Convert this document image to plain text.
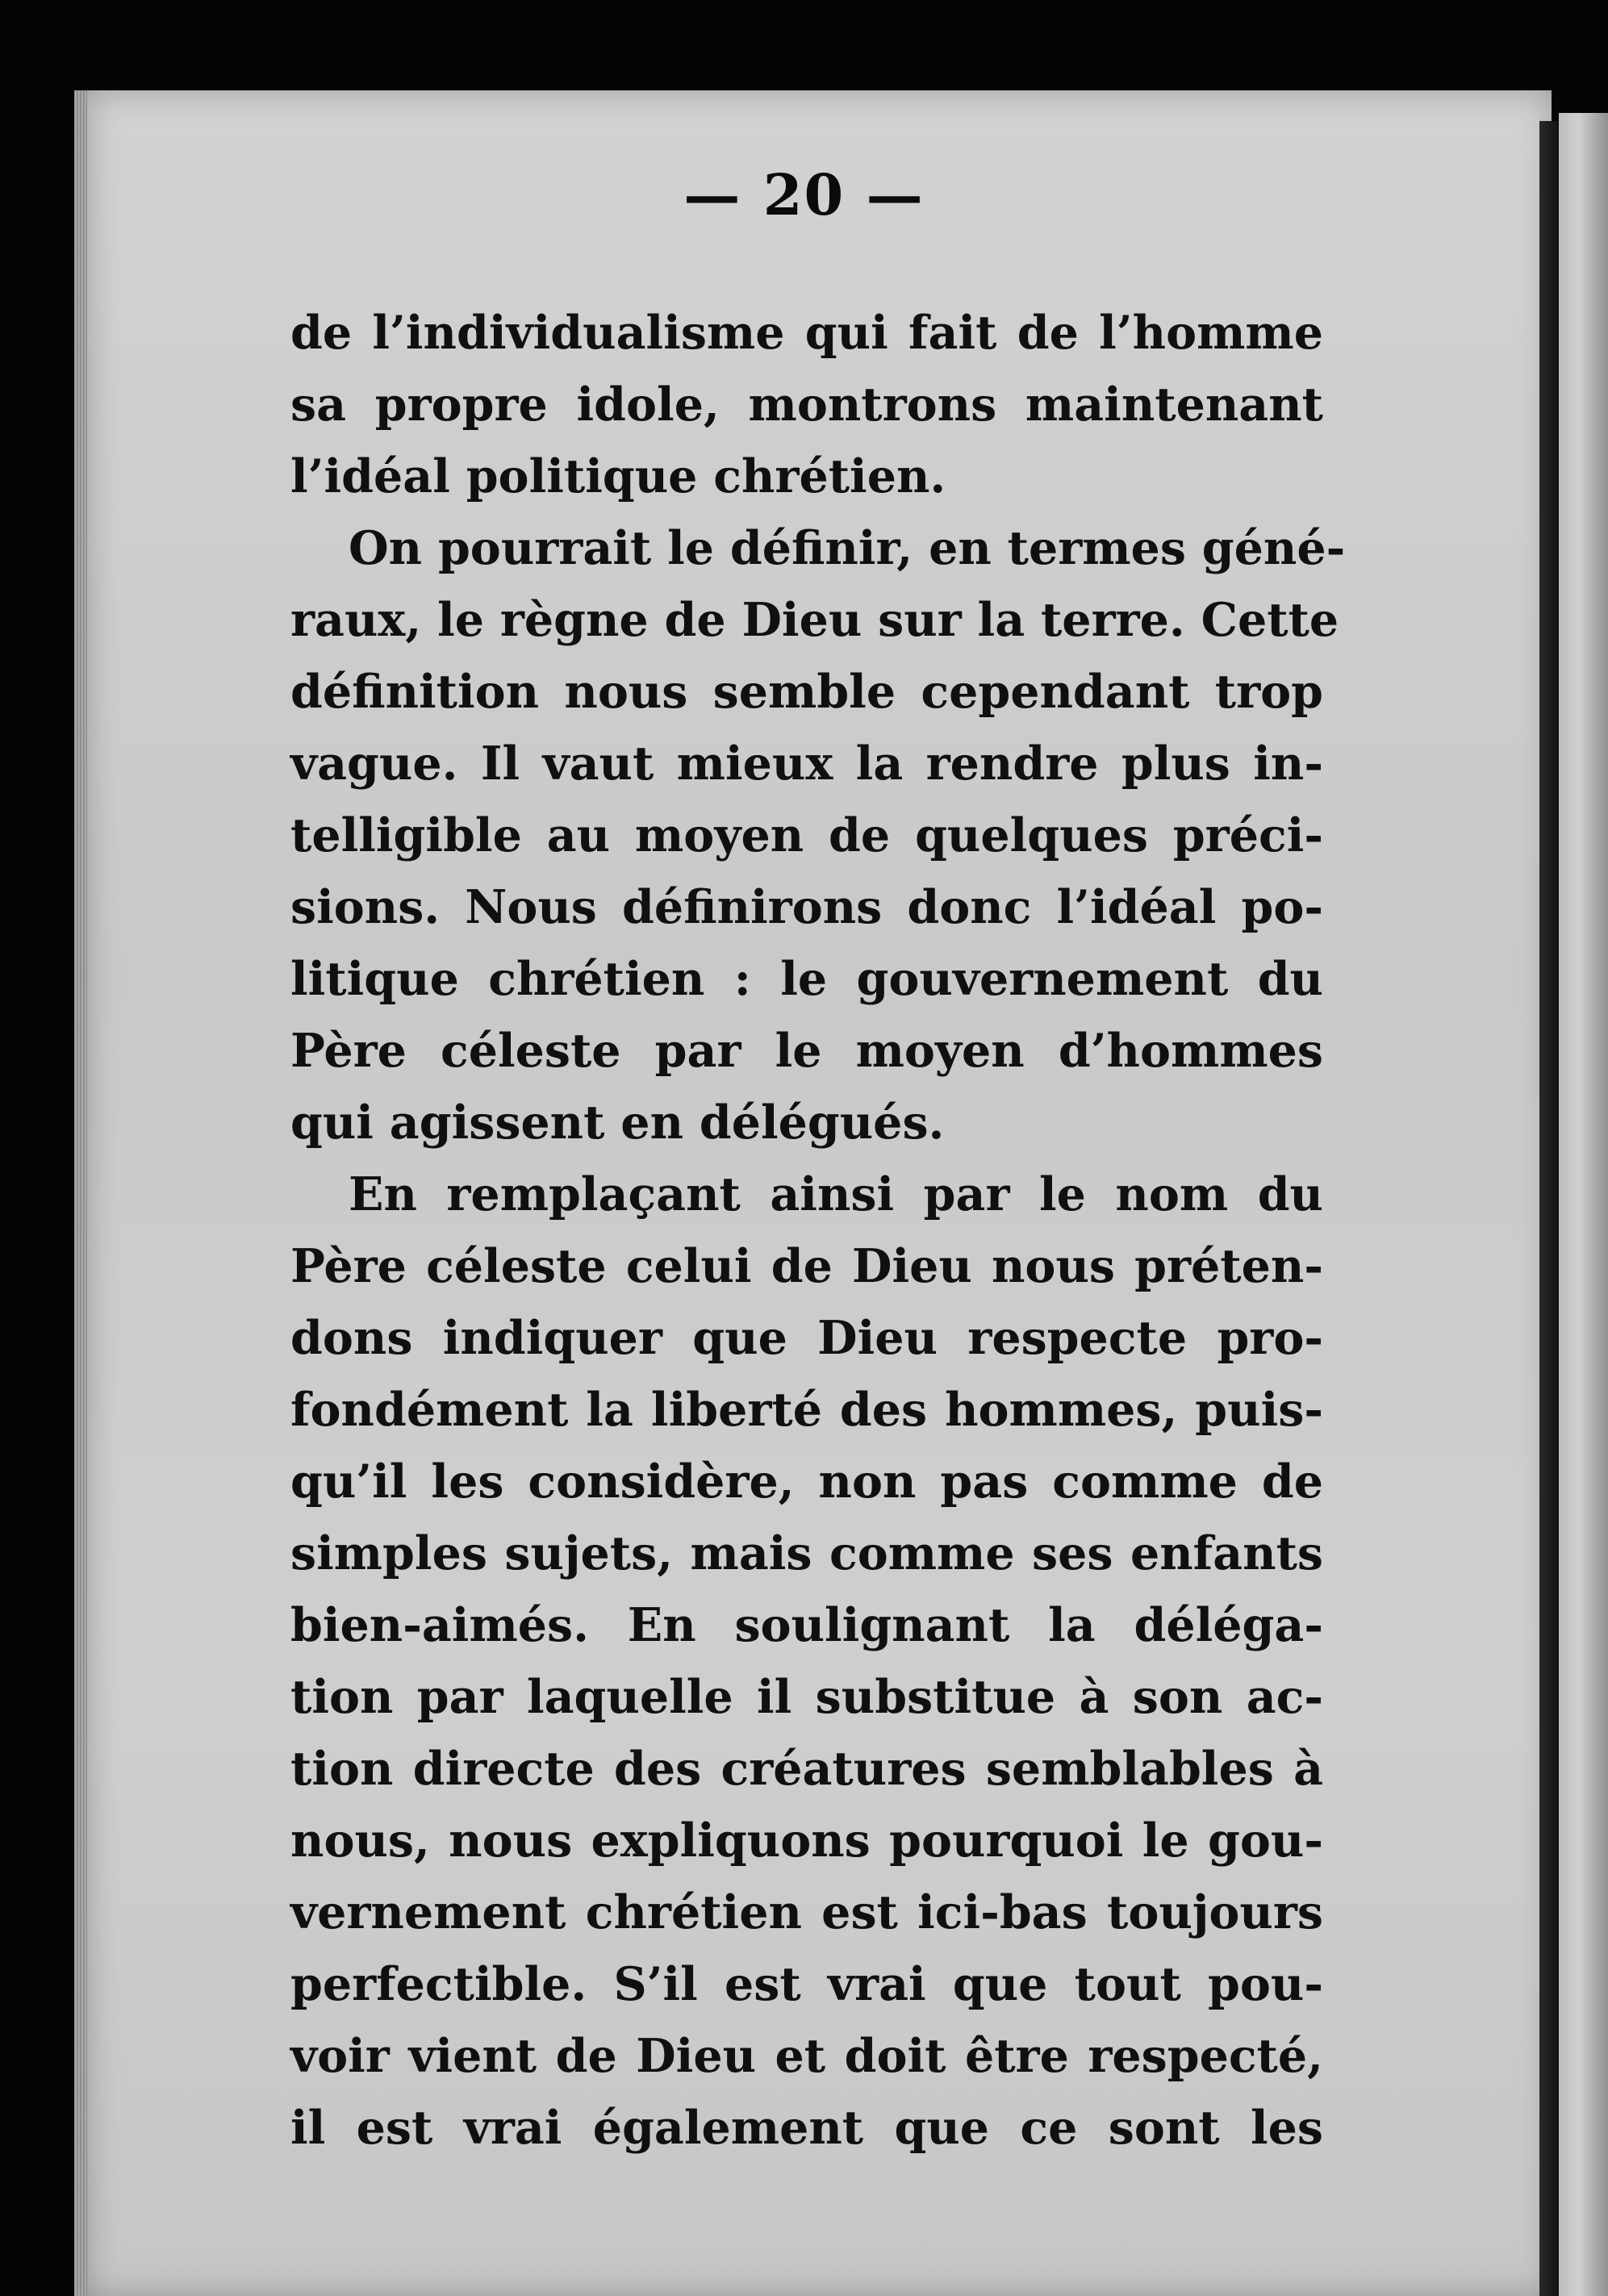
— 20 —
de l’individualisme qui fait de l’homme
sa propre idole, montrons maintenant
l’idéal politique chrétien.
On pourrait le définir, en termes géné-
raux, le règne de Dieu sur la terre. Cette
définition nous semble cependant trop
vague. Il vaut mieux la rendre plus in-
telligible au moyen de quelques préci-
sions. Nous définirons donc l’idéal po-
litique chrétien : le gouvernement du
Père céleste par le moyen d’hommes
qui agissent en délégués.
En remplaçant ainsi par le nom du
Père céleste celui de Dieu nous préten-
dons indiquer que Dieu respecte pro-
fondément la liberté des hommes, puis-
qu’il les considère, non pas comme de
simples sujets, mais comme ses enfants
bien-aimés. En soulignant la déléga-
tion par laquelle il substitue à son ac-
tion directe des créatures semblables à
nous, nous expliquons pourquoi le gou-
vernement chrétien est ici-bas toujours
perfectible. S’il est vrai que tout pou-
voir vient de Dieu et doit être respecté,
il est vrai également que ce sont les
